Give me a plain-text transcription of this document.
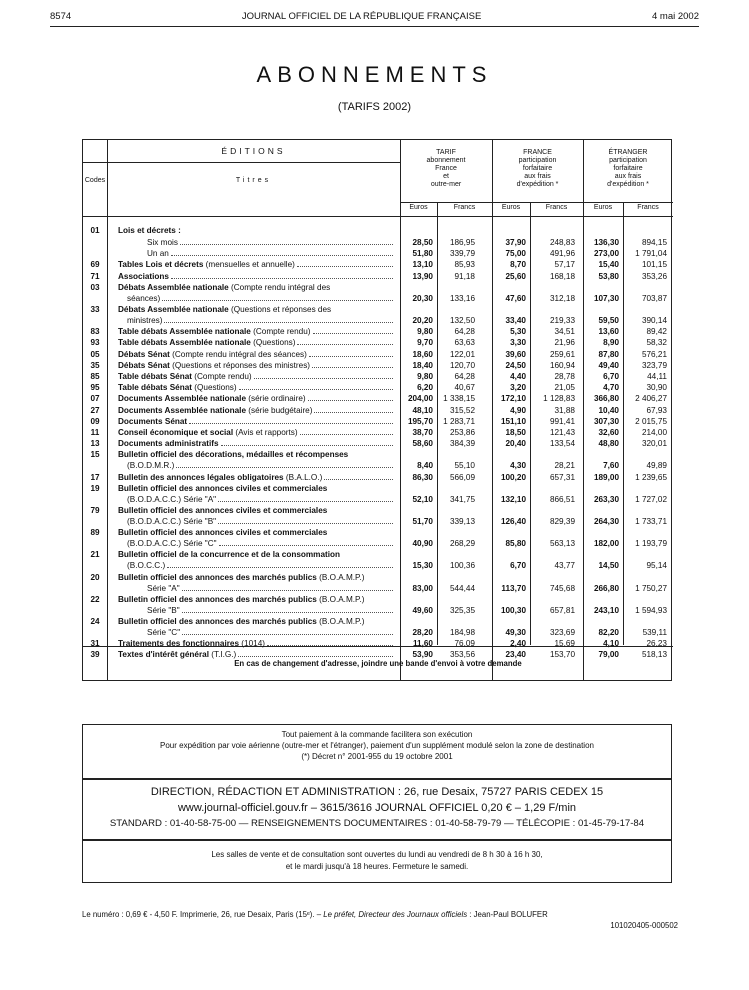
8574	JOURNAL OFFICIEL DE LA RÉPUBLIQUE FRANÇAISE	4 mai 2002
ABONNEMENTS
(TARIFS 2002)
ÉDITIONS
Codes	Titres
TARIF
abonnement
France
et
outre-mer
FRANCE
participation
forfaitaire
aux frais
d'expédition *
ÉTRANGER
participation
forfaitaire
aux frais
d'expédition *
Euros	Francs	Euros	Francs	Euros	Francs
01	Lois et décrets :
Six mois	28,50	186,95	37,90	248,83	136,30	894,15
Un an	51,80	339,79	75,00	491,96	273,00	1 791,04
69	Tables Lois et décrets (mensuelles et annuelle)	13,10	85,93	8,70	57,17	15,40	101,15
71	Associations	13,90	91,18	25,60	168,18	53,80	353,26
03	Débats Assemblée nationale (Compte rendu intégral des
séances)	20,30	133,16	47,60	312,18	107,30	703,87
33	Débats Assemblée nationale (Questions et réponses des
ministres)	20,20	132,50	33,40	219,33	59,50	390,14
83	Table débats Assemblée nationale (Compte rendu)	9,80	64,28	5,30	34,51	13,60	89,42
93	Table débats Assemblée nationale (Questions)	9,70	63,63	3,30	21,96	8,90	58,32
05	Débats Sénat (Compte rendu intégral des séances)	18,60	122,01	39,60	259,61	87,80	576,21
35	Débats Sénat (Questions et réponses des ministres)	18,40	120,70	24,50	160,94	49,40	323,79
85	Table débats Sénat (Compte rendu)	9,80	64,28	4,40	28,78	6,70	44,11
95	Table débats Sénat (Questions)	6,20	40,67	3,20	21,05	4,70	30,90
07	Documents Assemblée nationale (série ordinaire)	204,00	1 338,15	172,10	1 128,83	366,80	2 406,27
27	Documents Assemblée nationale (série budgétaire)	48,10	315,52	4,90	31,88	10,40	67,93
09	Documents Sénat	195,70	1 283,71	151,10	991,41	307,30	2 015,75
11	Conseil économique et social (Avis et rapports)	38,70	253,86	18,50	121,43	32,60	214,00
13	Documents administratifs	58,60	384,39	20,40	133,54	48,80	320,01
15	Bulletin officiel des décorations, médailles et récompenses
(B.O.D.M.R.)	8,40	55,10	4,30	28,21	7,60	49,89
17	Bulletin des annonces légales obligatoires (B.A.L.O.)	86,30	566,09	100,20	657,31	189,00	1 239,65
19	Bulletin officiel des annonces civiles et commerciales
(B.O.D.A.C.C.) Série "A"	52,10	341,75	132,10	866,51	263,30	1 727,02
79	Bulletin officiel des annonces civiles et commerciales
(B.O.D.A.C.C.) Série "B"	51,70	339,13	126,40	829,39	264,30	1 733,71
89	Bulletin officiel des annonces civiles et commerciales
(B.O.D.A.C.C.) Série "C"	40,90	268,29	85,80	563,13	182,00	1 193,79
21	Bulletin officiel de la concurrence et de la consommation
(B.O.C.C.)	15,30	100,36	6,70	43,77	14,50	95,14
20	Bulletin officiel des annonces des marchés publics (B.O.A.M.P.)
Série "A"	83,00	544,44	113,70	745,68	266,80	1 750,27
22	Bulletin officiel des annonces des marchés publics (B.O.A.M.P.)
Série "B"	49,60	325,35	100,30	657,81	243,10	1 594,93
24	Bulletin officiel des annonces des marchés publics (B.O.A.M.P.)
Série "C"	28,20	184,98	49,30	323,69	82,20	539,11
31	Traitements des fonctionnaires (1014)	11,60	76,09	2,40	15,69	4,10	26,23
39	Textes d'intérêt général (T.I.G.)	53,90	353,56	23,40	153,70	79,00	518,13
En cas de changement d'adresse, joindre une bande d'envoi à votre demande
Tout paiement à la commande facilitera son exécution
Pour expédition par voie aérienne (outre-mer et l'étranger), paiement d'un supplément modulé selon la zone de destination
(*) Décret n° 2001-955 du 19 octobre 2001
DIRECTION, RÉDACTION ET ADMINISTRATION : 26, rue Desaix, 75727 PARIS CEDEX 15
www.journal-officiel.gouv.fr – 3615/3616 JOURNAL OFFICIEL 0,20 € – 1,29 F/min
STANDARD : 01-40-58-75-00 — RENSEIGNEMENTS DOCUMENTAIRES : 01-40-58-79-79 — TÉLÉCOPIE : 01-45-79-17-84
Les salles de vente et de consultation sont ouvertes du lundi au vendredi de 8 h 30 à 16 h 30,
et le mardi jusqu'à 18 heures. Fermeture le samedi.
Le numéro : 0,69 € - 4,50 F. Imprimerie, 26, rue Desaix, Paris (15ᵉ). – Le préfet, Directeur des Journaux officiels : Jean-Paul BOLUFER
101020405-000502
